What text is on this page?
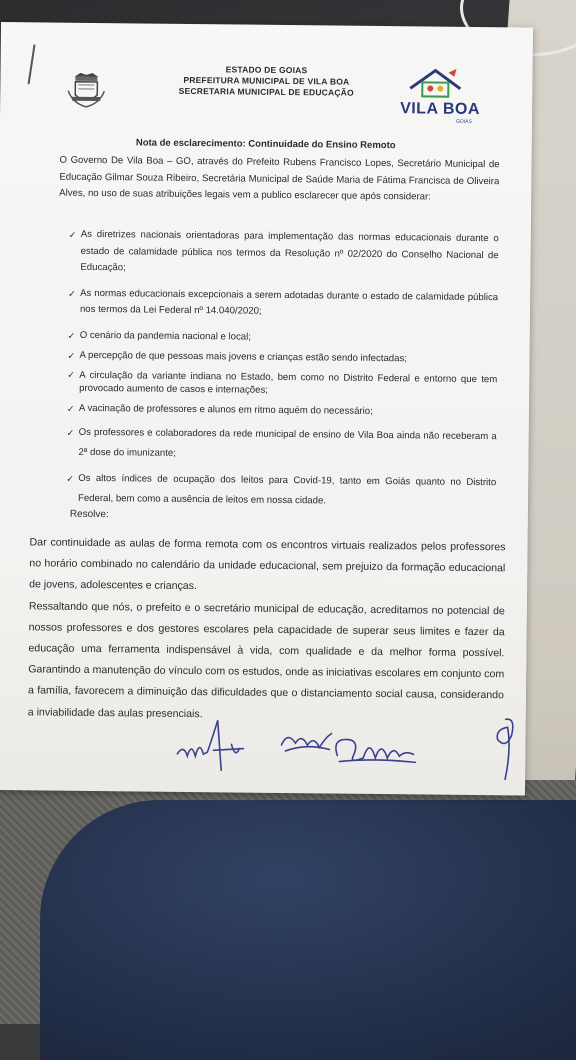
ESTADO DE GOIAS
PREFEITURA MUNICIPAL DE VILA BOA
SECRETARIA MUNICIPAL DE EDUCAÇÃO
VILA BOA
GOIÁS
Nota de esclarecimento: Continuidade do Ensino Remoto
O Governo De Vila Boa – GO, através do Prefeito Rubens Francisco Lopes, Secretário Municipal de Educação Gilmar Souza Ribeiro, Secretária Municipal de Saúde Maria de Fátima Francisca de Oliveira Alves, no uso de suas atribuições legais vem a publico esclarecer que após considerar:
✓ As diretrizes nacionais orientadoras para implementação das normas educacionais durante o estado de calamidade pública nos termos da Resolução nº 02/2020 do Conselho Nacional de Educação;
✓ As normas educacionais excepcionais a serem adotadas durante o estado de calamidade pública nos termos da Lei Federal nº 14.040/2020;
✓ O cenário da pandemia nacional e local;
✓ A percepção de que pessoas mais jovens e crianças estão sendo infectadas;
✓ A circulação da variante indiana no Estado, bem como no Distrito Federal e entorno que tem provocado aumento de casos e internações;
✓ A vacinação de professores e alunos em ritmo aquém do necessário;
✓ Os professores e colaboradores da rede municipal de ensino de Vila Boa ainda não receberam a 2ª dose do imunizante;
✓ Os altos índices de ocupação dos leitos para Covid-19, tanto em Goiás quanto no Distrito Federal, bem como a ausência de leitos em nossa cidade.
Resolve:

Dar continuidade as aulas de forma remota com os encontros virtuais realizados pelos professores no horário combinado no calendário da unidade educacional, sem prejuizo da formação educacional de jovens, adolescentes e crianças.

Ressaltando que nós, o prefeito e o secretário municipal de educação, acreditamos no potencial de nossos professores e dos gestores escolares pela capacidade de superar seus limites e fazer da educação uma ferramenta indispensável à vida, com qualidade e da melhor forma possível. Garantindo a manutenção do vínculo com os estudos, onde as iniciativas escolares em conjunto com a família, favorecem a diminuição das dificuldades que o distanciamento social causa, considerando a inviabilidade das aulas presenciais.
